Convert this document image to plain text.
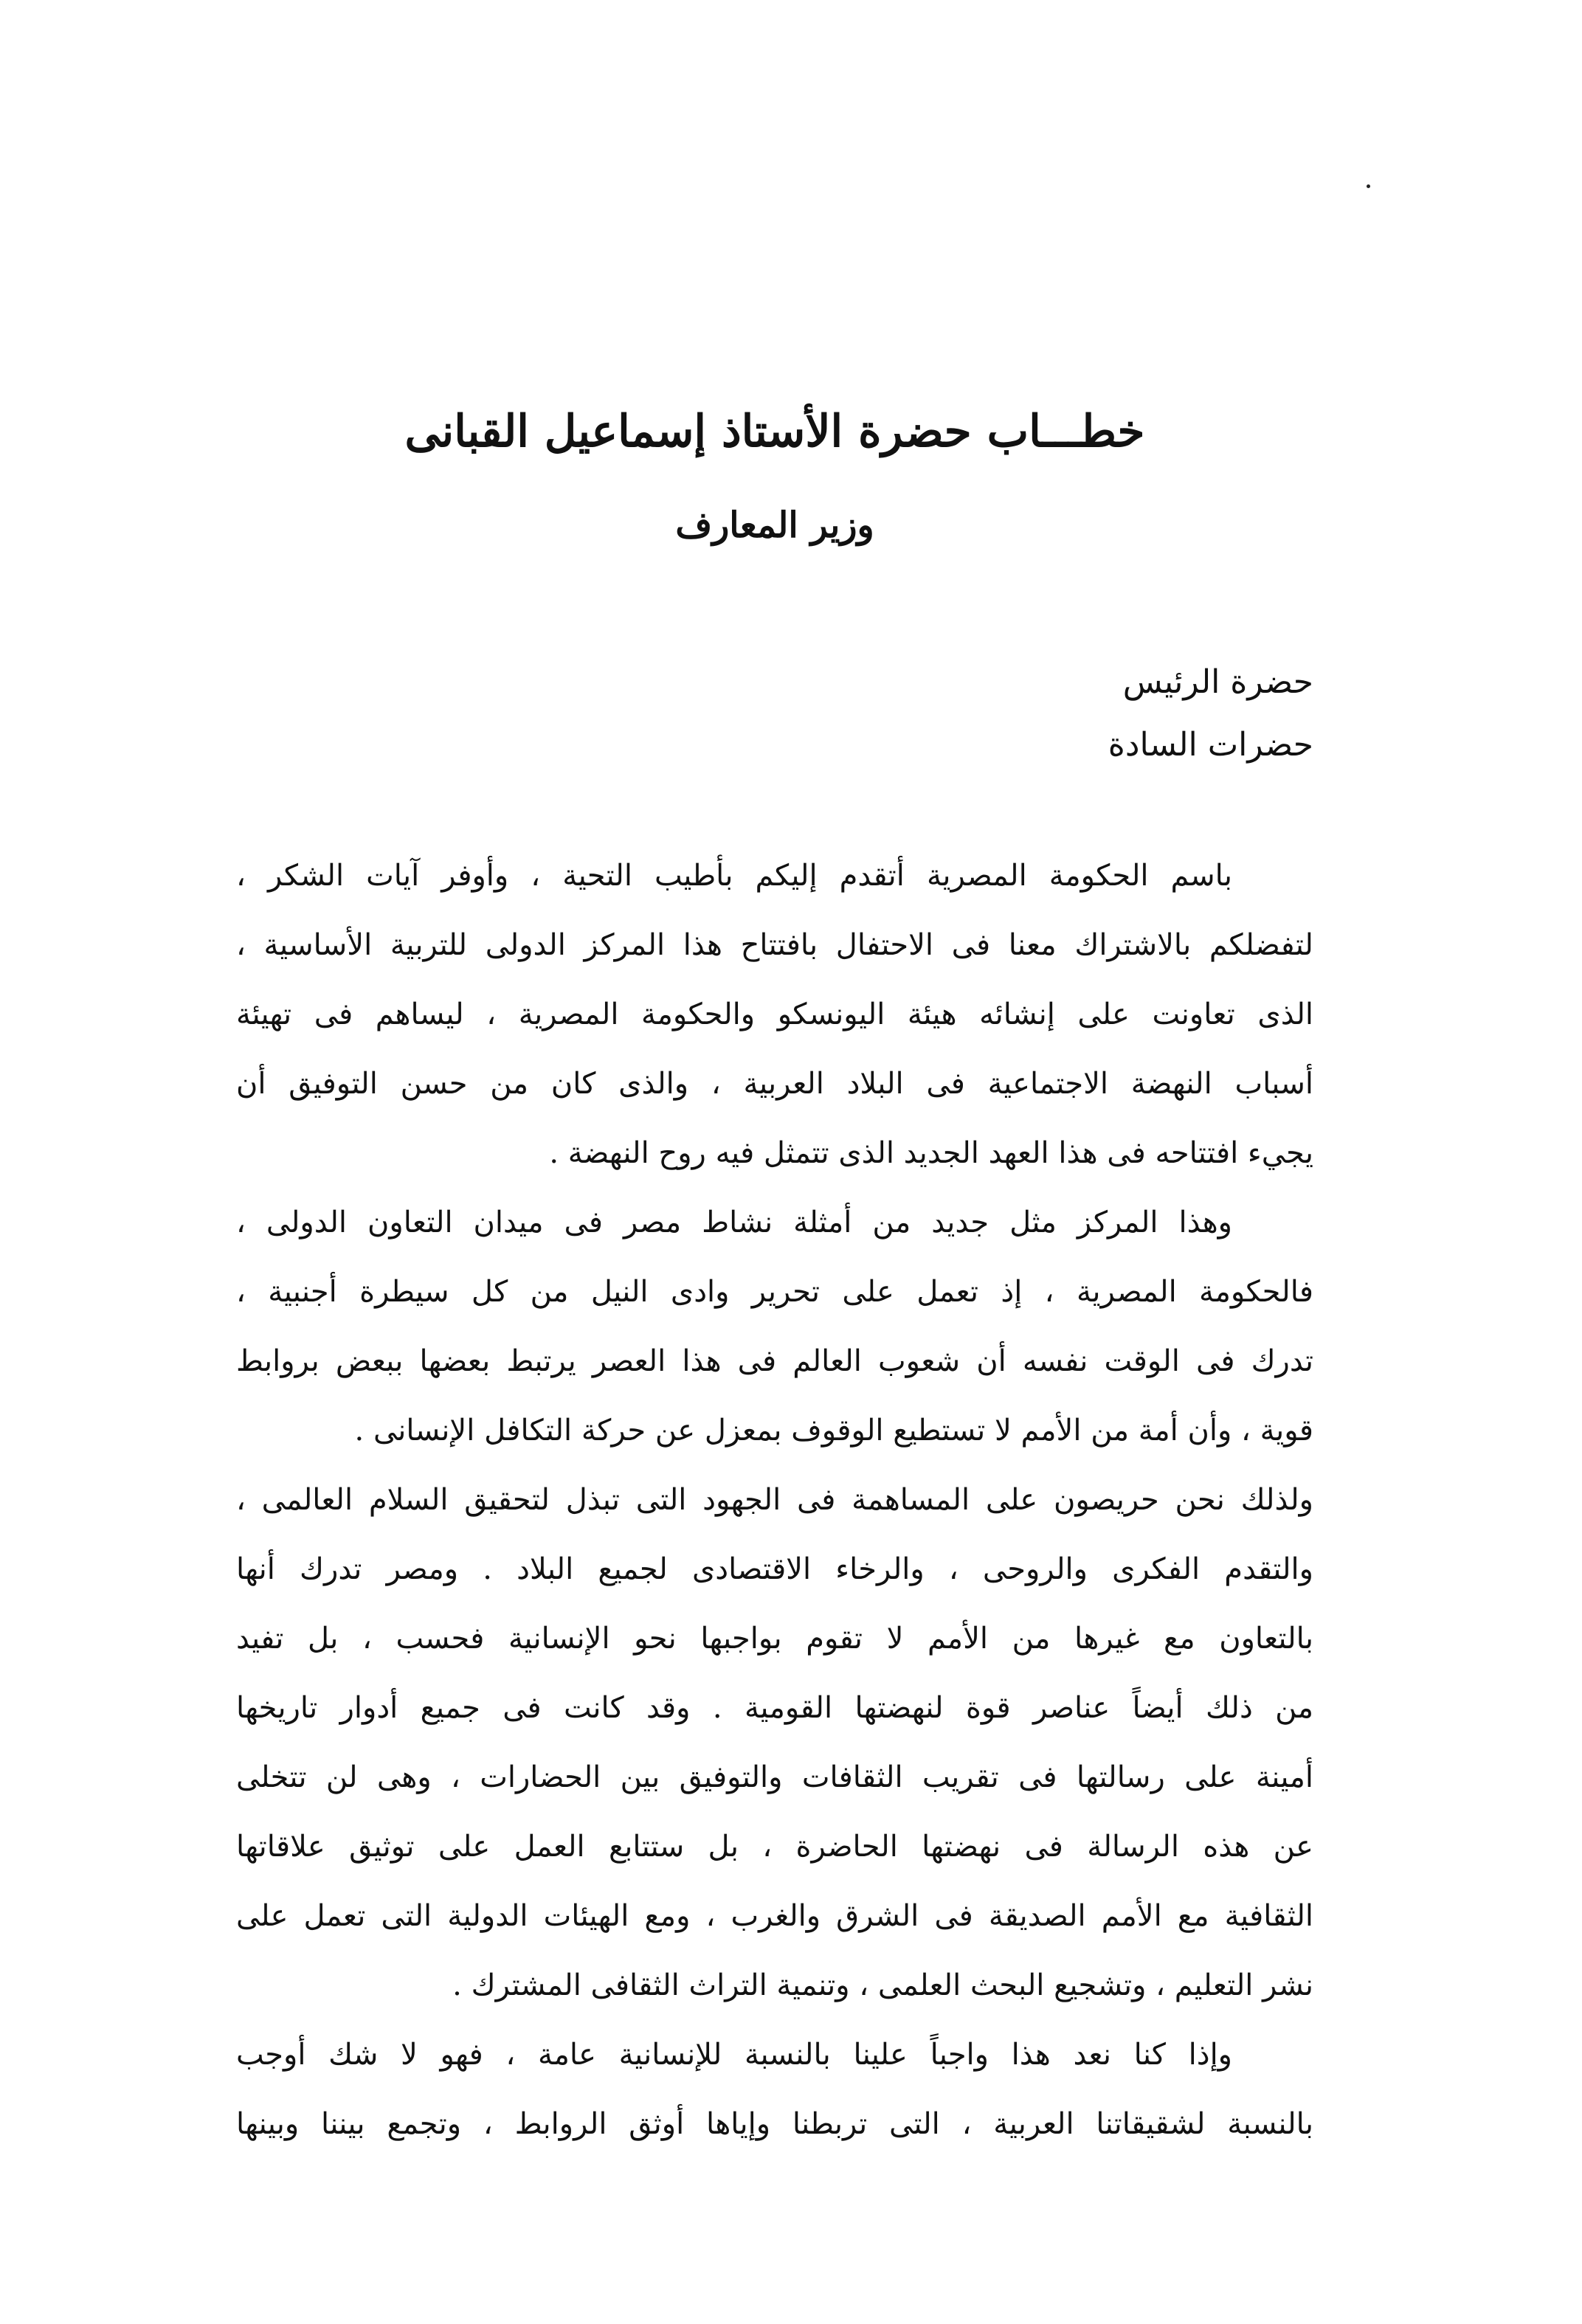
خطـــاب حضرة الأستاذ إسماعيل القبانى
وزير المعارف
حضرة الرئيس
حضرات السادة
باسم الحكومة المصرية أتقدم إليكم بأطيب التحية ، وأوفر آيات الشكر ،
لتفضلكم بالاشتراك معنا فى الاحتفال بافتتاح هذا المركز الدولى للتربية الأساسية ،
الذى تعاونت على إنشائه هيئة اليونسكو والحكومة المصرية ، ليساهم فى تهيئة
أسباب النهضة الاجتماعية فى البلاد العربية ، والذى كان من حسن التوفيق أن
يجيء افتتاحه فى هذا العهد الجديد الذى تتمثل فيه روح النهضة .
وهذا المركز مثل جديد من أمثلة نشاط مصر فى ميدان التعاون الدولى ،
فالحكومة المصرية ، إذ تعمل على تحرير وادى النيل من كل سيطرة أجنبية ،
تدرك فى الوقت نفسه أن شعوب العالم فى هذا العصر يرتبط بعضها ببعض بروابط
قوية ، وأن أمة من الأمم لا تستطيع الوقوف بمعزل عن حركة التكافل الإنسانى .
ولذلك نحن حريصون على المساهمة فى الجهود التى تبذل لتحقيق السلام العالمى ،
والتقدم الفكرى والروحى ، والرخاء الاقتصادى لجميع البلاد . ومصر تدرك أنها
بالتعاون مع غيرها من الأمم لا تقوم بواجبها نحو الإنسانية فحسب ، بل تفيد
من ذلك أيضاً عناصر قوة لنهضتها القومية . وقد كانت فى جميع أدوار تاريخها
أمينة على رسالتها فى تقريب الثقافات والتوفيق بين الحضارات ، وهى لن تتخلى
عن هذه الرسالة فى نهضتها الحاضرة ، بل ستتابع العمل على توثيق علاقاتها
الثقافية مع الأمم الصديقة فى الشرق والغرب ، ومع الهيئات الدولية التى تعمل على
نشر التعليم ، وتشجيع البحث العلمى ، وتنمية التراث الثقافى المشترك .
وإذا كنا نعد هذا واجباً علينا بالنسبة للإنسانية عامة ، فهو لا شك أوجب
بالنسبة لشقيقاتنا العربية ، التى تربطنا وإياها أوثق الروابط ، وتجمع بيننا وبينها
